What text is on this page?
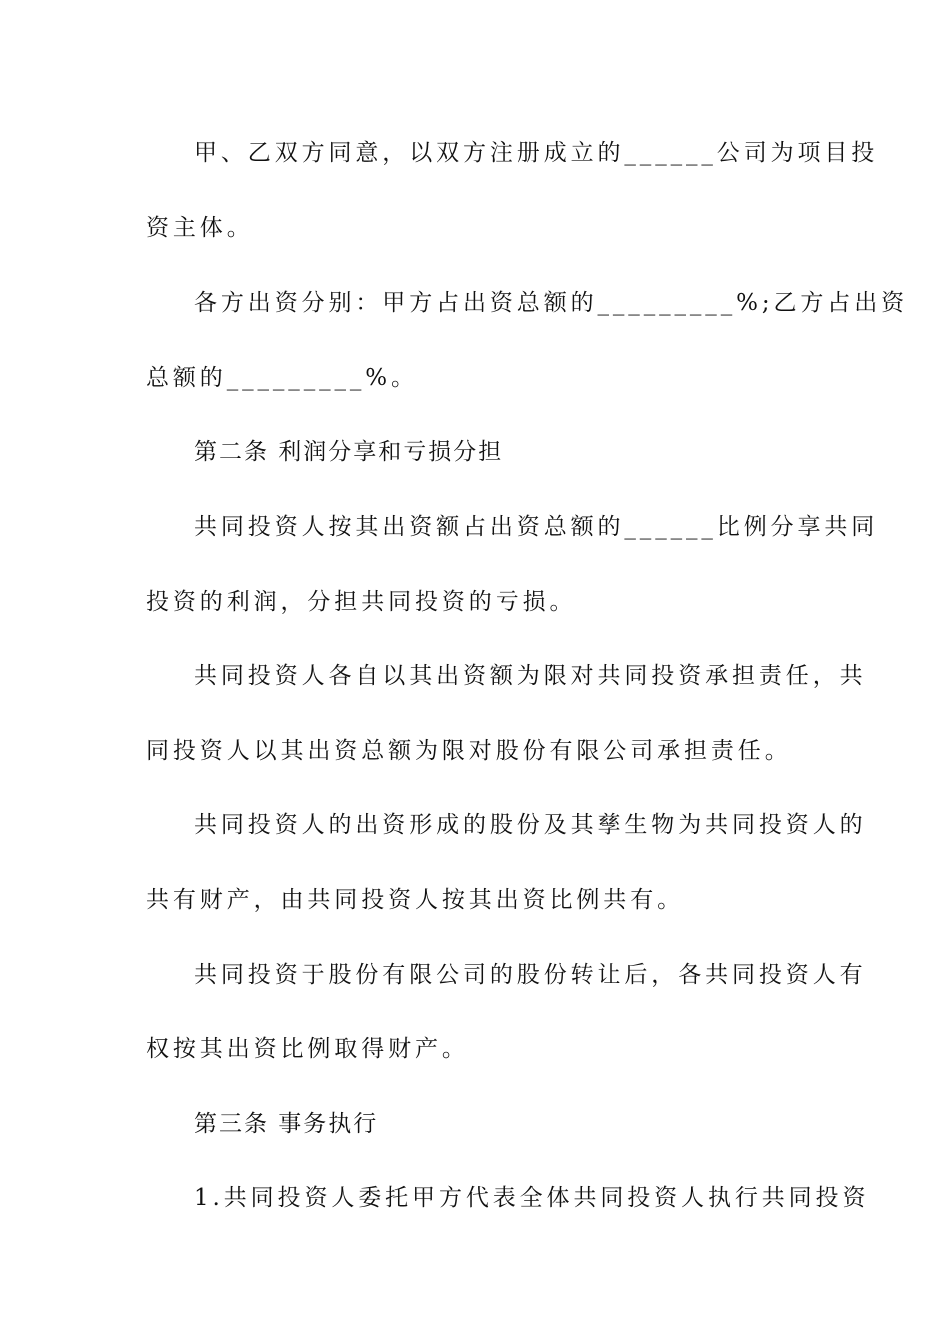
甲、乙双方同意，以双方注册成立的______公司为项目投
资主体。
各方出资分别：甲方占出资总额的_________%;乙方占出资
总额的_________%。
第二条 利润分享和亏损分担
共同投资人按其出资额占出资总额的______比例分享共同
投资的利润，分担共同投资的亏损。
共同投资人各自以其出资额为限对共同投资承担责任，共
同投资人以其出资总额为限对股份有限公司承担责任。
共同投资人的出资形成的股份及其孳生物为共同投资人的
共有财产，由共同投资人按其出资比例共有。
共同投资于股份有限公司的股份转让后，各共同投资人有
权按其出资比例取得财产。
第三条 事务执行
1.共同投资人委托甲方代表全体共同投资人执行共同投资
